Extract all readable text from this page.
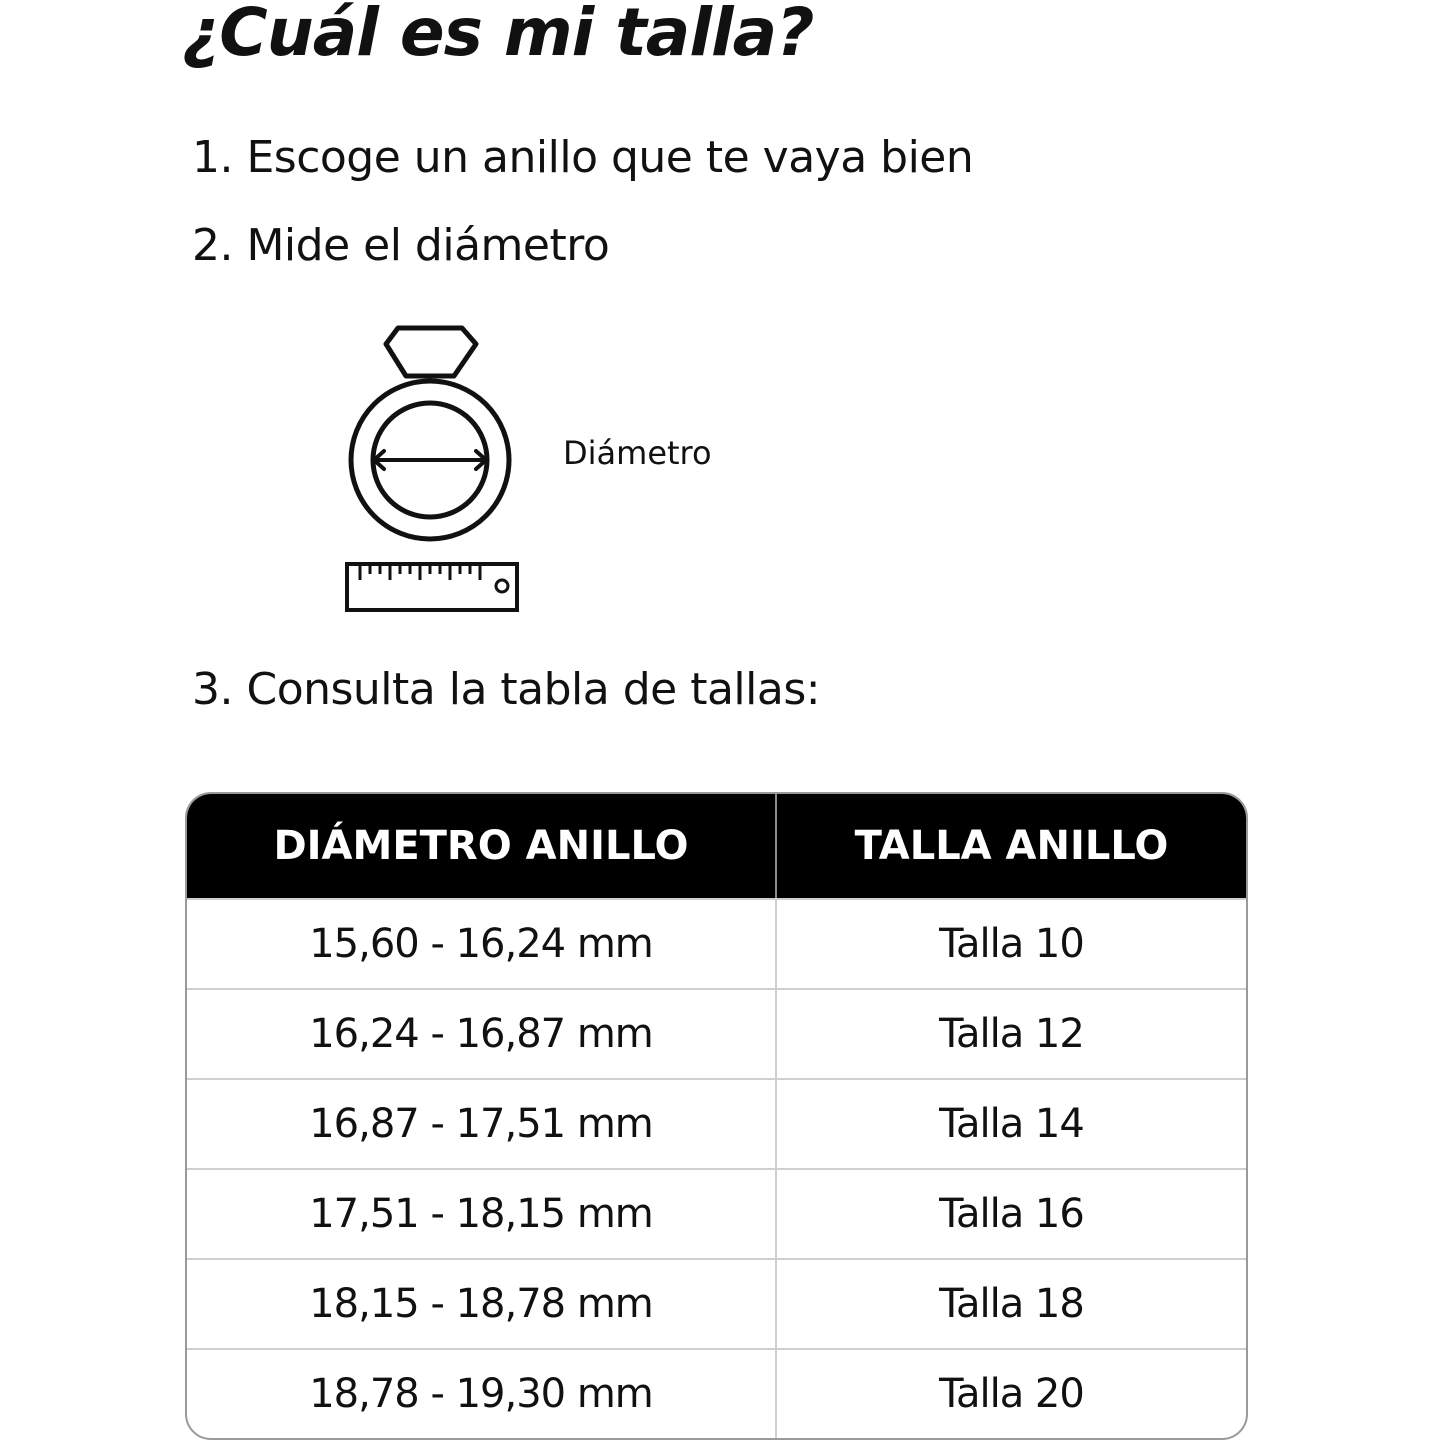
¿Cuál es mi talla?

1. Escoge un anillo que te vaya bien

2. Mide el diámetro

Diámetro

3. Consulta la tabla de tallas:

DIÁMETRO ANILLO	TALLA ANILLO
15,60 - 16,24 mm	Talla 10
16,24 - 16,87 mm	Talla 12
16,87 - 17,51 mm	Talla 14
17,51 - 18,15 mm	Talla 16
18,15 - 18,78 mm	Talla 18
18,78 - 19,30 mm	Talla 20
